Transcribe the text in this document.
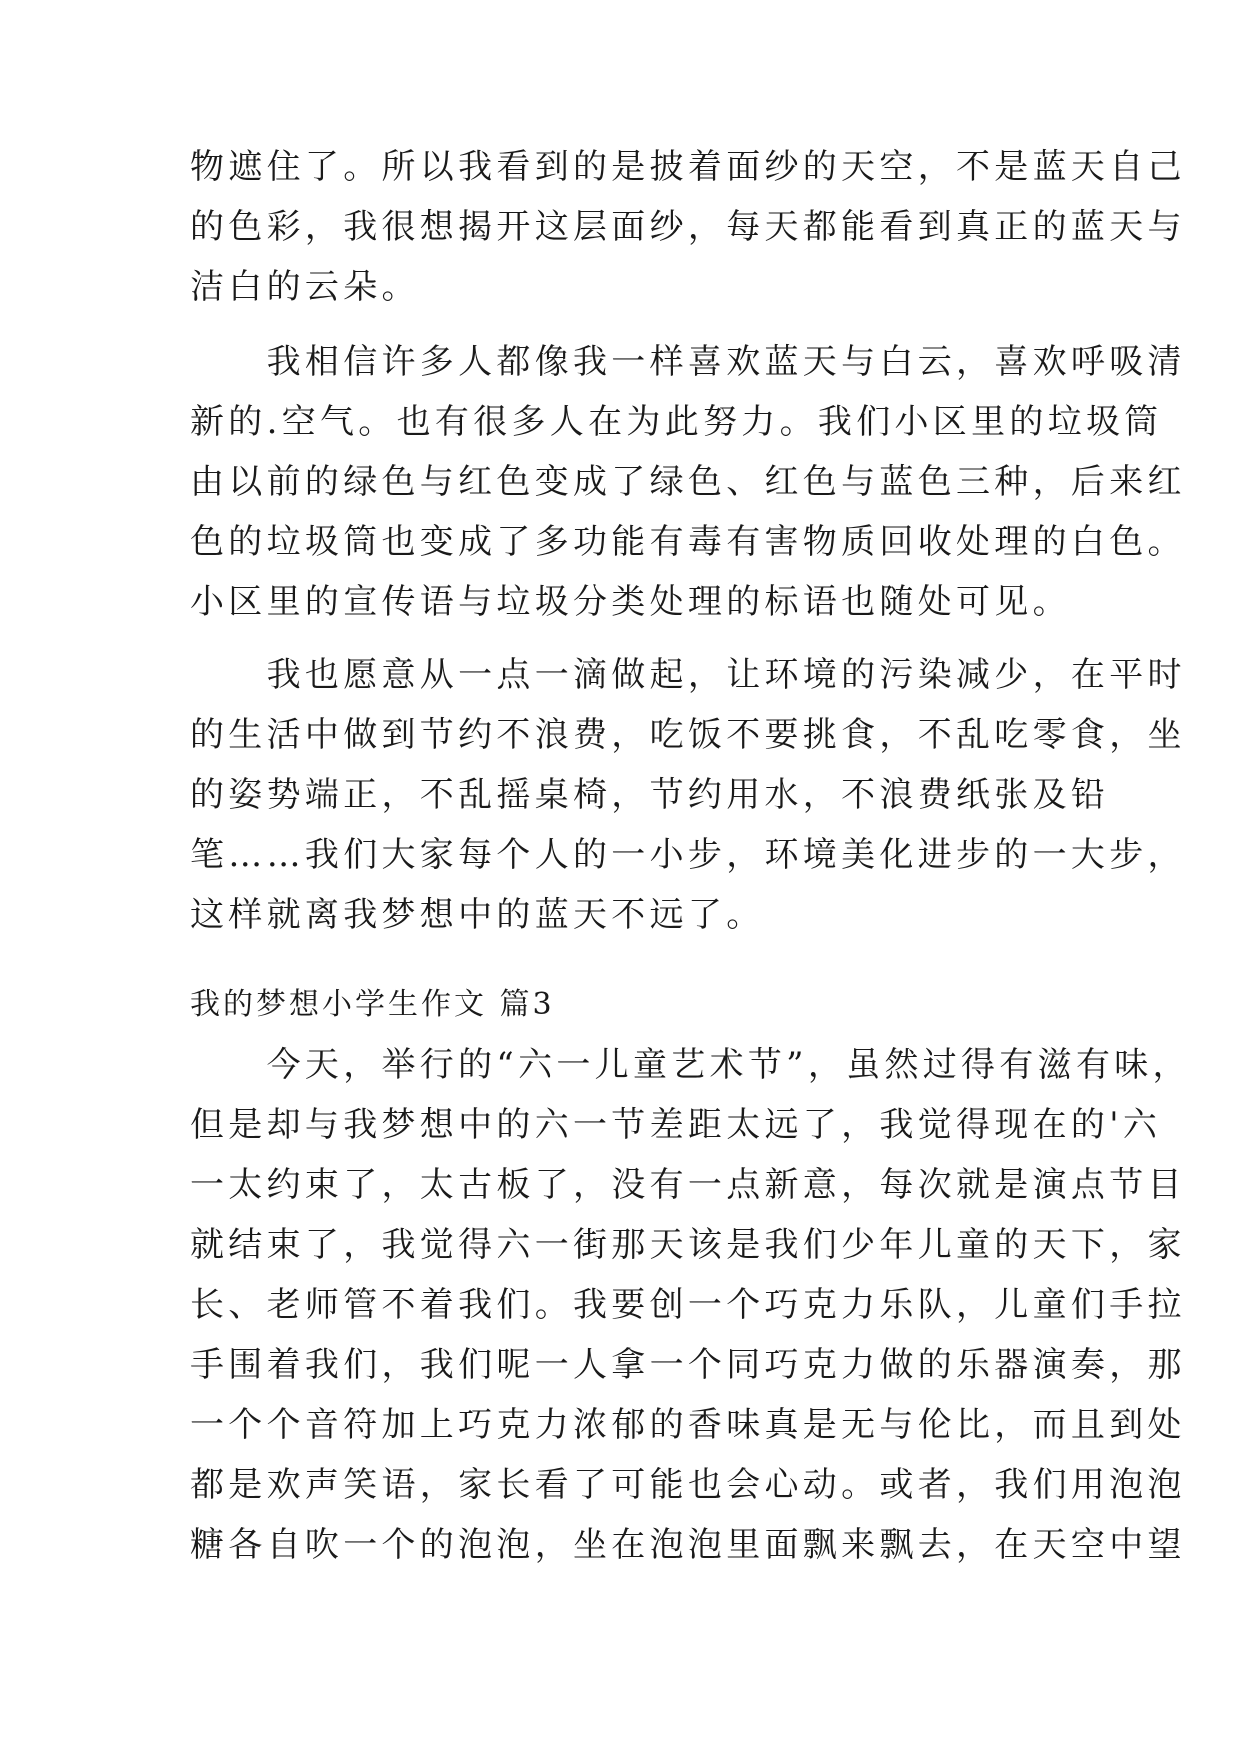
物遮住了。所以我看到的是披着面纱的天空，不是蓝天自己
的色彩，我很想揭开这层面纱，每天都能看到真正的蓝天与
洁白的云朵。
　　我相信许多人都像我一样喜欢蓝天与白云，喜欢呼吸清
新的.空气。也有很多人在为此努力。我们小区里的垃圾筒
由以前的绿色与红色变成了绿色、红色与蓝色三种，后来红
色的垃圾筒也变成了多功能有毒有害物质回收处理的白色。
小区里的宣传语与垃圾分类处理的标语也随处可见。
　　我也愿意从一点一滴做起，让环境的污染减少，在平时
的生活中做到节约不浪费，吃饭不要挑食，不乱吃零食，坐
的姿势端正，不乱摇桌椅，节约用水，不浪费纸张及铅
笔……我们大家每个人的一小步，环境美化进步的一大步，
这样就离我梦想中的蓝天不远了。
我的梦想小学生作文 篇3
　　今天，举行的“六一儿童艺术节”，虽然过得有滋有味，
但是却与我梦想中的六一节差距太远了，我觉得现在的'六
一太约束了，太古板了，没有一点新意，每次就是演点节目
就结束了，我觉得六一街那天该是我们少年儿童的天下，家
长、老师管不着我们。我要创一个巧克力乐队，儿童们手拉
手围着我们，我们呢一人拿一个同巧克力做的乐器演奏，那
一个个音符加上巧克力浓郁的香味真是无与伦比，而且到处
都是欢声笑语，家长看了可能也会心动。或者，我们用泡泡
糖各自吹一个的泡泡，坐在泡泡里面飘来飘去，在天空中望
